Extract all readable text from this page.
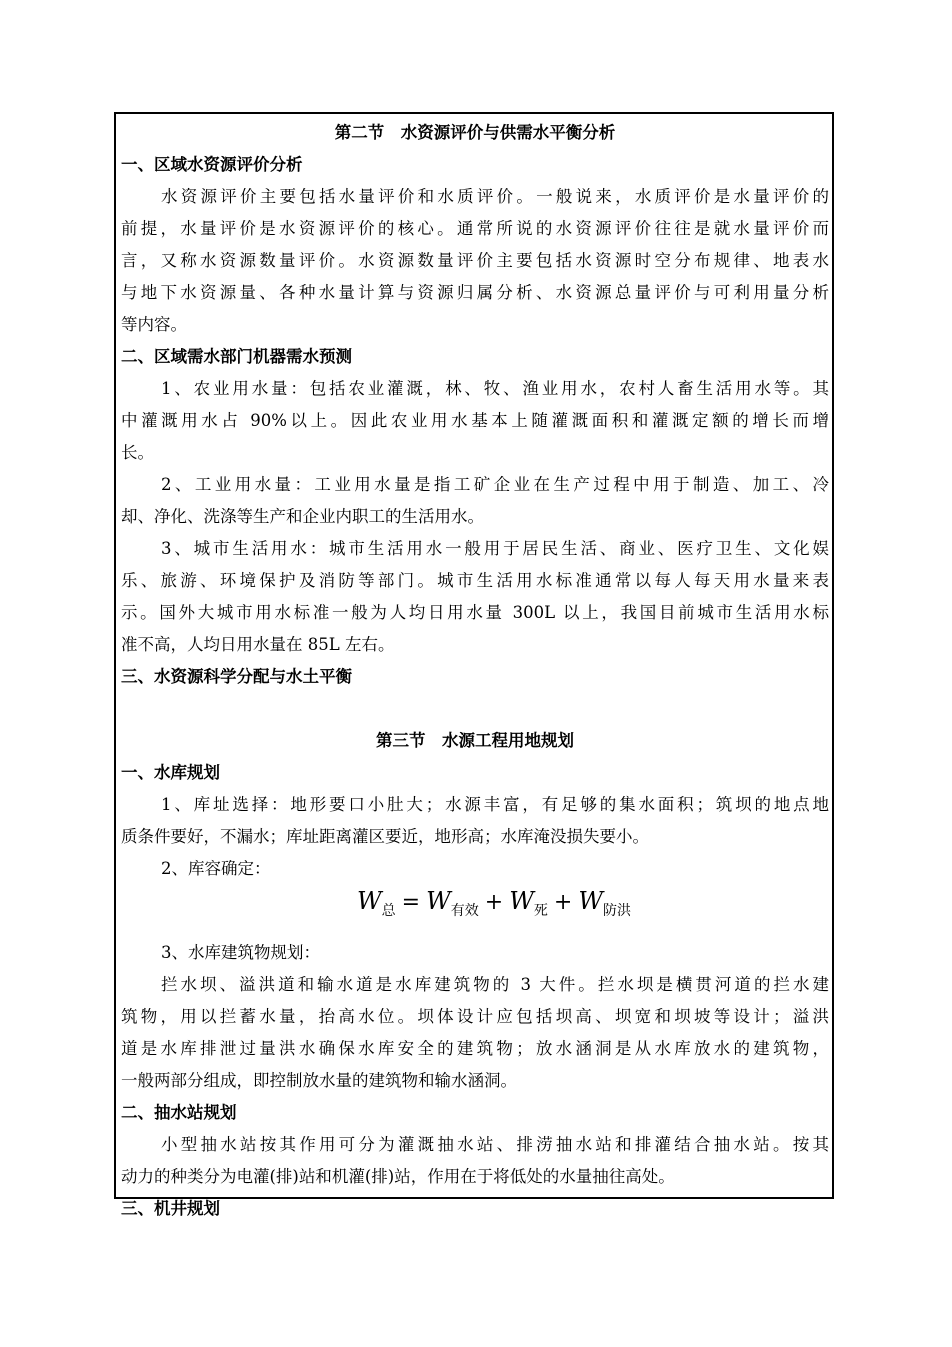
第二节　水资源评价与供需水平衡分析
一、区域水资源评价分析
水资源评价主要包括水量评价和水质评价。一般说来，水质评价是水量评价的
前提，水量评价是水资源评价的核心。通常所说的水资源评价往往是就水量评价而
言，又称水资源数量评价。水资源数量评价主要包括水资源时空分布规律、地表水
与地下水资源量、各种水量计算与资源归属分析、水资源总量评价与可利用量分析
等内容。
二、区域需水部门机器需水预测
1、农业用水量：包括农业灌溉，林、牧、渔业用水，农村人畜生活用水等。其
中灌溉用水占 90%以上。因此农业用水基本上随灌溉面积和灌溉定额的增长而增
长。
2、工业用水量：工业用水量是指工矿企业在生产过程中用于制造、加工、冷
却、净化、洗涤等生产和企业内职工的生活用水。
3、城市生活用水：城市生活用水一般用于居民生活、商业、医疗卫生、文化娱
乐、旅游、环境保护及消防等部门。城市生活用水标准通常以每人每天用水量来表
示。国外大城市用水标准一般为人均日用水量 300L 以上，我国目前城市生活用水标
准不高，人均日用水量在 85L 左右。
三、水资源科学分配与水土平衡
第三节　水源工程用地规划
一、水库规划
1、库址选择：地形要口小肚大；水源丰富，有足够的集水面积；筑坝的地点地
质条件要好，不漏水；库址距离灌区要近，地形高；水库淹没损失要小。
2、库容确定：
$W_总 = W_{有效} + W_死 + W_{防洪}$
3、水库建筑物规划：
拦水坝、溢洪道和输水道是水库建筑物的 3 大件。拦水坝是横贯河道的拦水建
筑物，用以拦蓄水量，抬高水位。坝体设计应包括坝高、坝宽和坝坡等设计；溢洪
道是水库排泄过量洪水确保水库安全的建筑物；放水涵洞是从水库放水的建筑物，
一般两部分组成，即控制放水量的建筑物和输水涵洞。
二、抽水站规划
小型抽水站按其作用可分为灌溉抽水站、排涝抽水站和排灌结合抽水站。按其
动力的种类分为电灌(排)站和机灌(排)站，作用在于将低处的水量抽往高处。
三、机井规划
